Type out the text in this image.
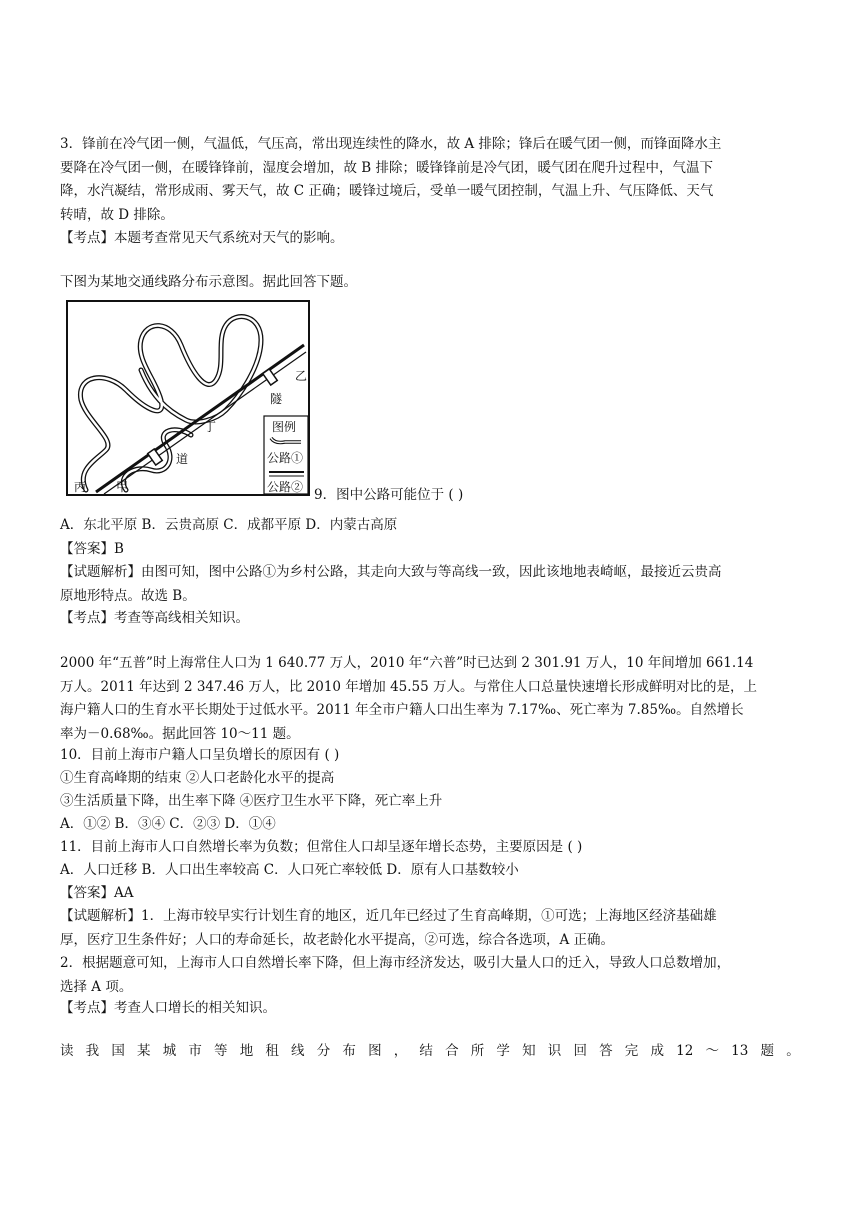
3．锋前在冷气团一侧，气温低，气压高，常出现连续性的降水，故 A 排除；锋后在暖气团一侧，而锋面降水主
要降在冷气团一侧，在暖锋锋前，湿度会增加，故 B 排除；暖锋锋前是冷气团，暖气团在爬升过程中，气温下
降，水汽凝结，常形成雨、雾天气，故 C 正确；暖锋过境后，受单一暖气团控制，气温上升、气压降低、天气
转晴，故 D 排除。
【考点】本题考查常见天气系统对天气的影响。
下图为某地交通线路分布示意图。据此回答下题。
隧
道
丁
乙
丙 甲
图例
公路①
公路② 9．图中公路可能位于 ( )
A．东北平原 B．云贵高原 C．成都平原 D．内蒙古高原
【答案】B
【试题解析】由图可知，图中公路①为乡村公路，其走向大致与等高线一致，因此该地地表崎岖，最接近云贵高
原地形特点。故选 B。
【考点】考查等高线相关知识。
2000 年“五普”时上海常住人口为 1 640.77 万人，2010 年“六普”时已达到 2 301.91 万人，10 年间增加 661.14
万人。2011 年达到 2 347.46 万人，比 2010 年增加 45.55 万人。与常住人口总量快速增长形成鲜明对比的是，上
海户籍人口的生育水平长期处于过低水平。2011 年全市户籍人口出生率为 7.17‰、死亡率为 7.85‰。自然增长
率为－0.68‰。据此回答 10～11 题。
10．目前上海市户籍人口呈负增长的原因有 ( )
①生育高峰期的结束 ②人口老龄化水平的提高
③生活质量下降，出生率下降 ④医疗卫生水平下降，死亡率上升
A．①② B．③④ C．②③ D．①④
11．目前上海市人口自然增长率为负数；但常住人口却呈逐年增长态势，主要原因是 ( )
A．人口迁移 B．人口出生率较高 C．人口死亡率较低 D．原有人口基数较小
【答案】AA
【试题解析】1．上海市较早实行计划生育的地区，近几年已经过了生育高峰期，①可选；上海地区经济基础雄
厚，医疗卫生条件好；人口的寿命延长，故老龄化水平提高，②可选，综合各选项，A 正确。
2．根据题意可知，上海市人口自然增长率下降，但上海市经济发达，吸引大量人口的迁入，导致人口总数增加，
选择 A 项。
【考点】考查人口增长的相关知识。
读 我 国 某 城 市 等 地 租 线 分 布 图 ， 结 合 所 学 知 识 回 答 完 成 12 ～ 13 题 。
